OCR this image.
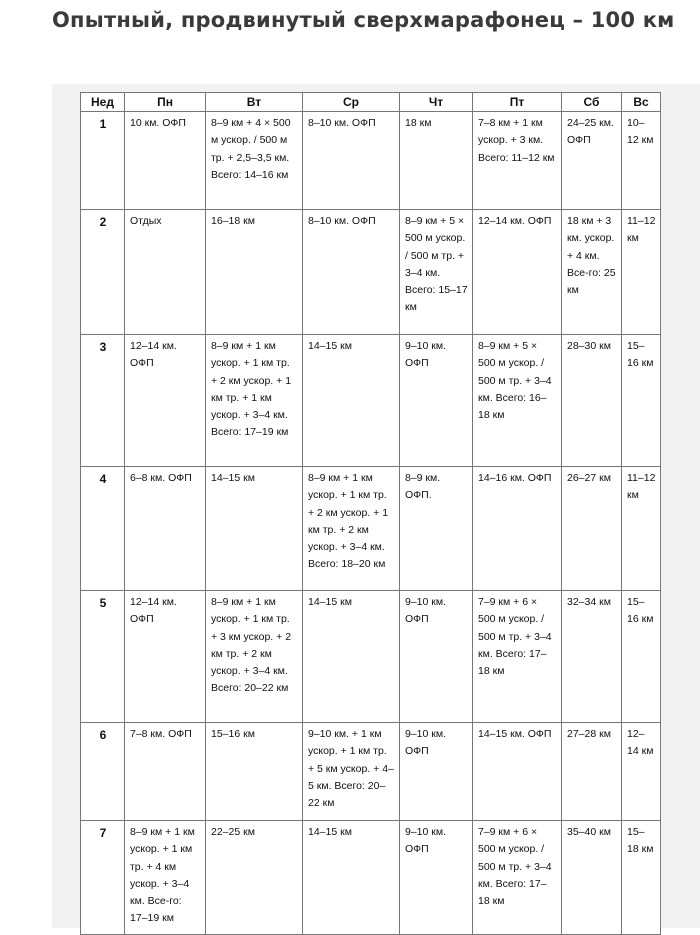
Опытный, продвинутый сверхмарафонец – 100 км
Нед	Пн	Вт	Ср	Чт	Пт	Сб	Вс
1	10 км. ОФП	8–9 км + 4 × 500 м ускор. / 500 м тр. + 2,5–3,5 км. Всего: 14–16 км	8–10 км. ОФП	18 км	7–8 км + 1 км ускор. + 3 км. Всего: 11–12 км	24–25 км. ОФП	10–12 км
2	Отдых	16–18 км	8–10 км. ОФП	8–9 км + 5 × 500 м ускор. / 500 м тр. + 3–4 км. Всего: 15–17 км	12–14 км. ОФП	18 км + 3 км. ускор. + 4 км. Все-го: 25 км	11–12 км
3	12–14 км. ОФП	8–9 км + 1 км ускор. + 1 км тр. + 2 км ускор. + 1 км тр. + 1 км ускор. + 3–4 км. Всего: 17–19 км	14–15 км	9–10 км. ОФП	8–9 км + 5 × 500 м ускор. / 500 м тр. + 3–4 км. Всего: 16–18 км	28–30 км	15–16 км
4	6–8 км. ОФП	14–15 км	8–9 км + 1 км ускор. + 1 км тр. + 2 км ускор. + 1 км тр. + 2 км ускор. + 3–4 км. Всего: 18–20 км	8–9 км. ОФП.	14–16 км. ОФП	26–27 км	11–12 км
5	12–14 км. ОФП	8–9 км + 1 км ускор. + 1 км тр. + 3 км ускор. + 2 км тр. + 2 км ускор. + 3–4 км. Всего: 20–22 км	14–15 км	9–10 км. ОФП	7–9 км + 6 × 500 м ускор. / 500 м тр. + 3–4 км. Всего: 17–18 км	32–34 км	15–16 км
6	7–8 км. ОФП	15–16 км	9–10 км. + 1 км ускор. + 1 км тр. + 5 км ускор. + 4–5 км. Всего: 20–22 км	9–10 км. ОФП	14–15 км. ОФП	27–28 км	12–14 км
7	8–9 км + 1 км ускор. + 1 км тр. + 4 км ускор. + 3–4 км. Все-го: 17–19 км	22–25 км	14–15 км	9–10 км. ОФП	7–9 км + 6 × 500 м ускор. / 500 м тр. + 3–4 км. Всего: 17–18 км	35–40 км	15–18 км
